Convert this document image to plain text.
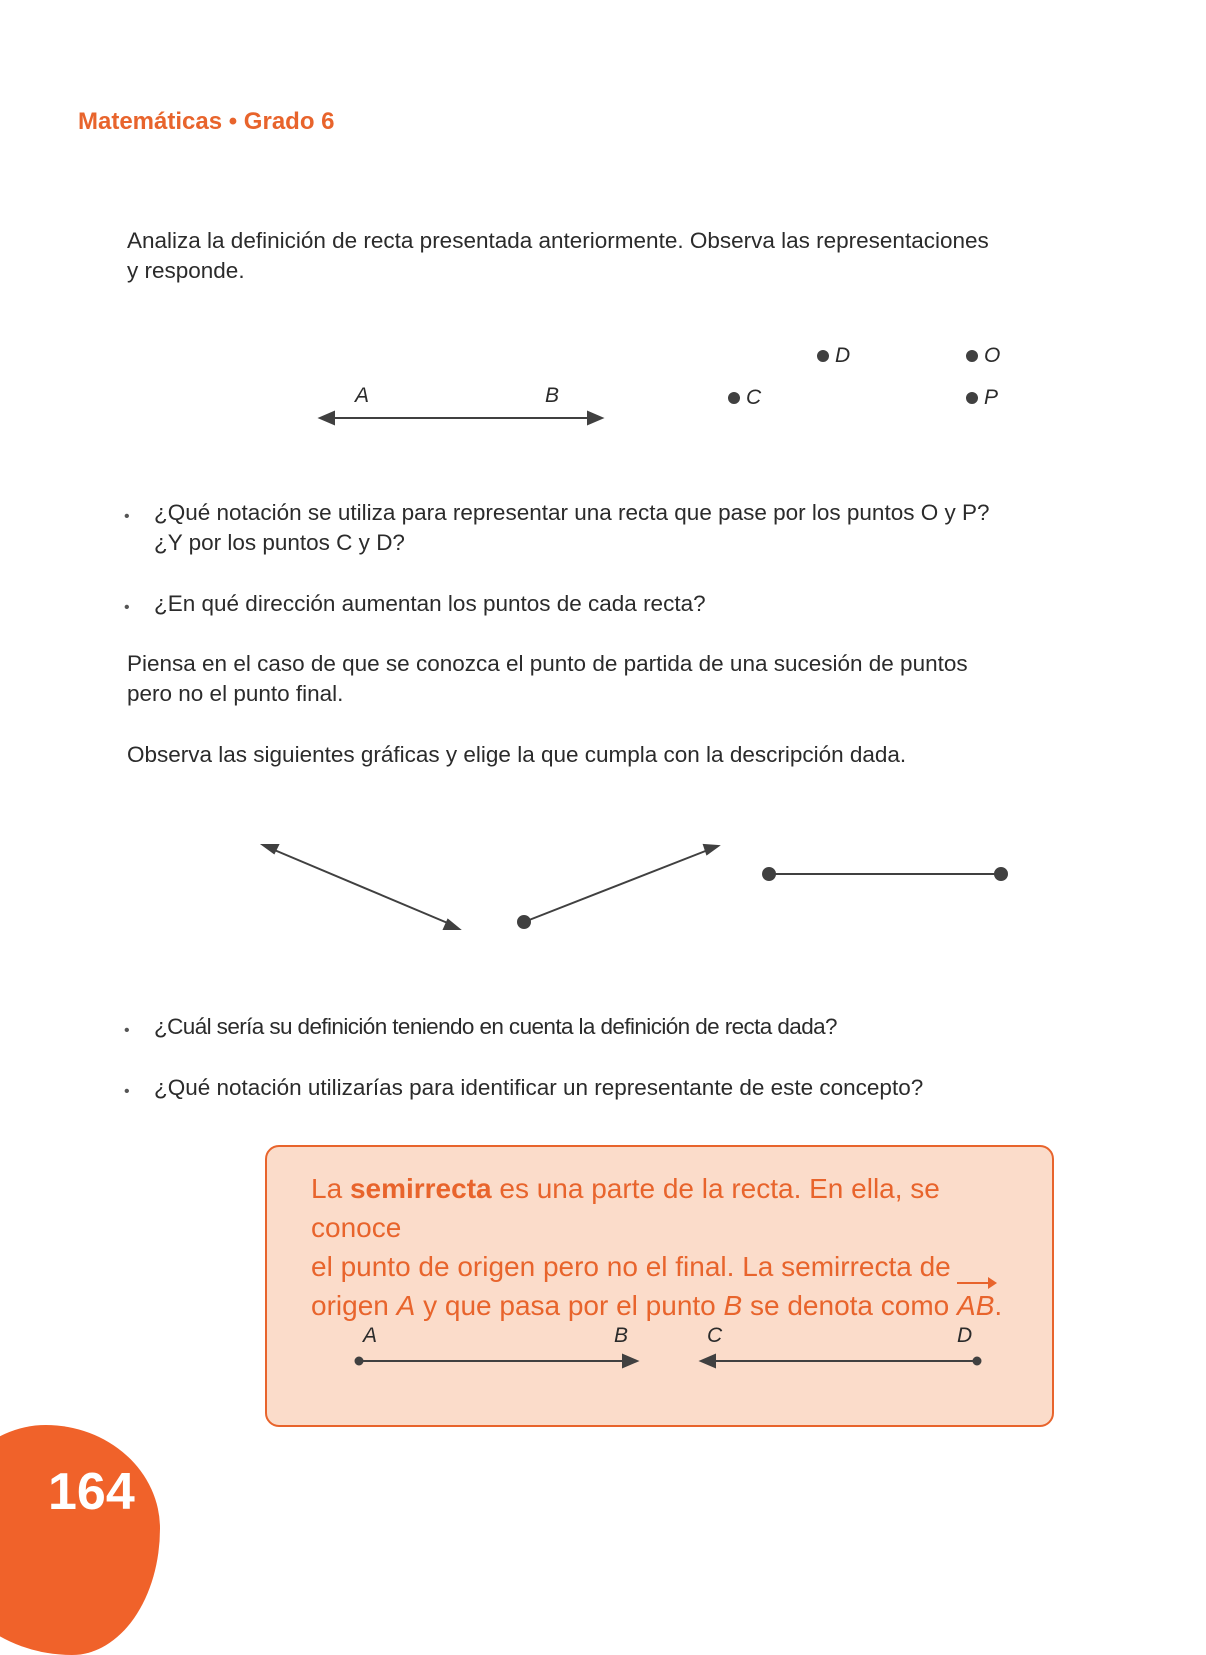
Matemáticas • Grado 6
Analiza la definición de recta presentada anteriormente. Observa las representaciones
y responde.
A	B	C
D	O
P
• ¿Qué notación se utiliza para representar una recta que pase por los puntos O y P?
¿Y por los puntos C y D?
• ¿En qué dirección aumentan los puntos de cada recta?
Piensa en el caso de que se conozca el punto de partida de una sucesión de puntos
pero no el punto final.
Observa las siguientes gráficas y elige la que cumpla con la descripción dada.
• ¿Cuál sería su definición teniendo en cuenta la definición de recta dada?
• ¿Qué notación utilizarías para identificar un representante de este concepto?
La semirrecta es una parte de la recta. En ella, se conoce
el punto de origen pero no el final. La semirrecta de
origen A y que pasa por el punto B se denota como AB.
A	B	C	D
164
